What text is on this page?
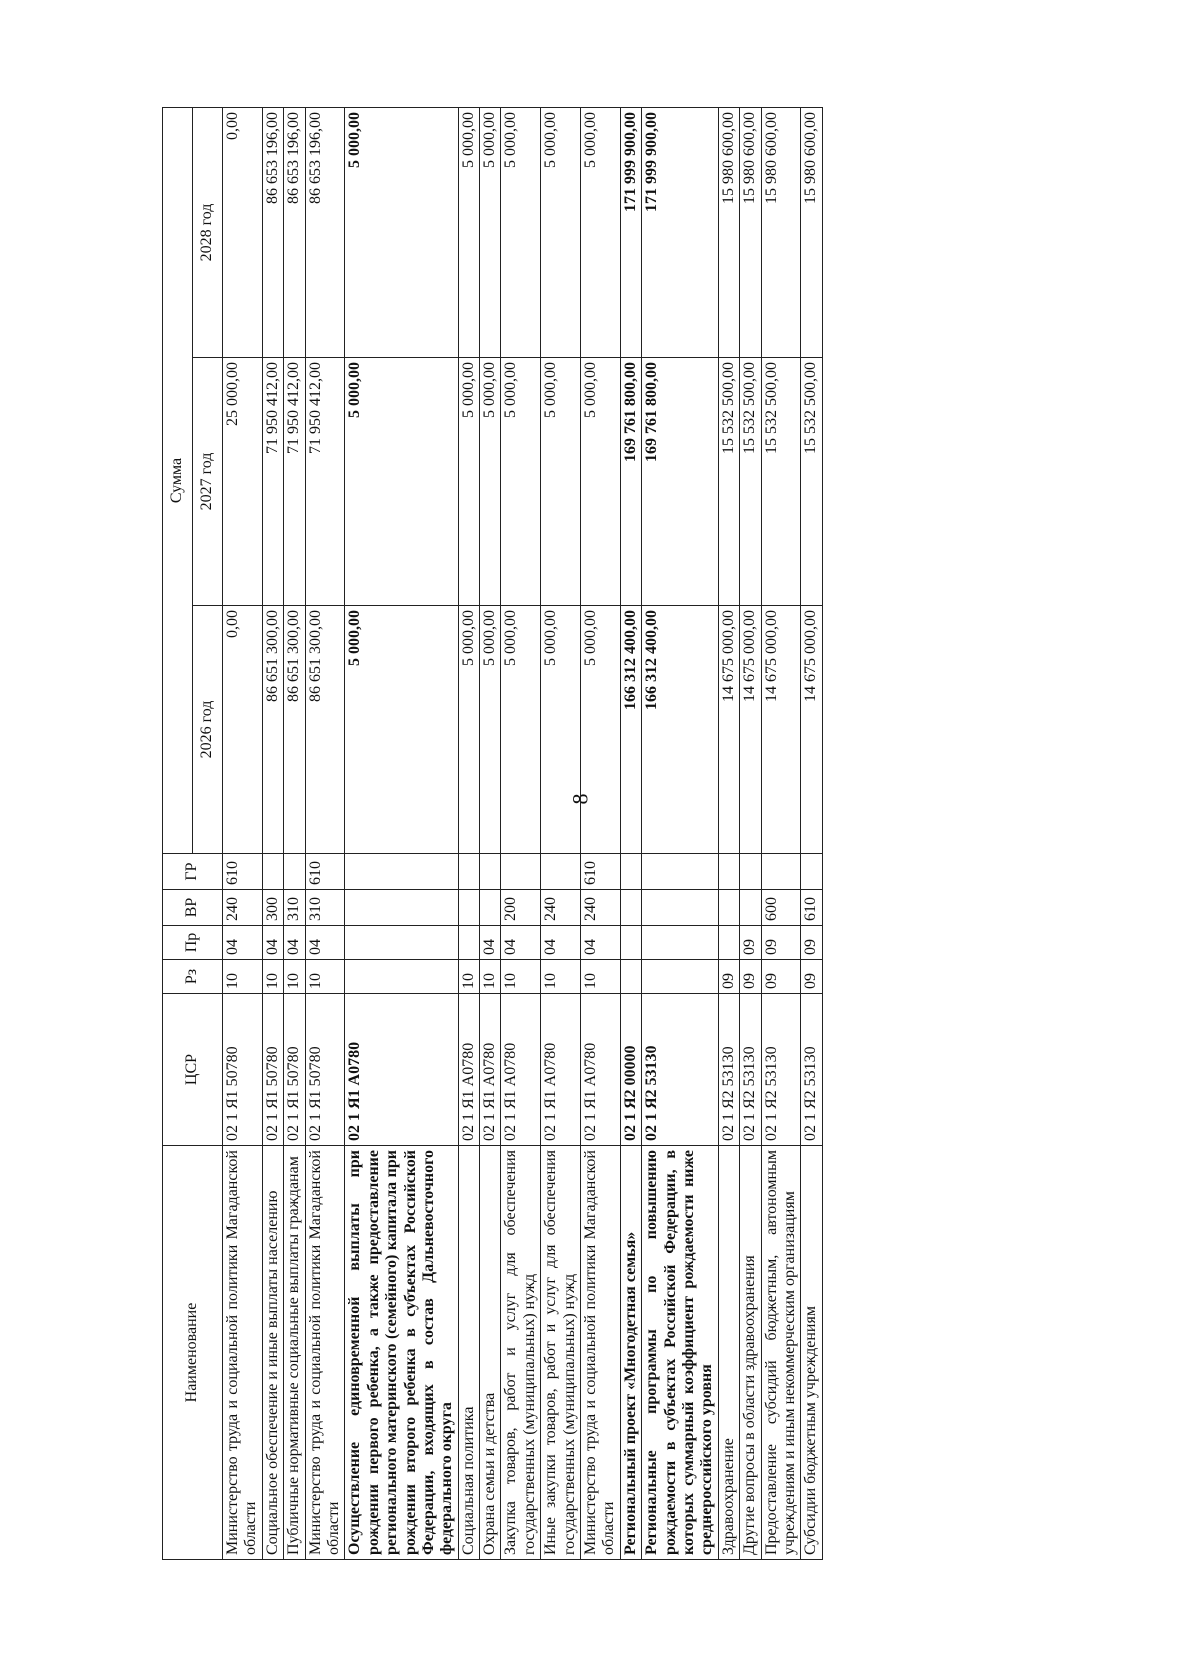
8
Наименование	ЦСР	Рз	Пр	ВР	ГР	Сумма		
						2026 год	2027 год	2028 год
Министерство труда и социальной политики Магаданской области	02 1 Я1 50780	10	04	240	610	0,00	25 000,00	0,00
Социальное обеспечение и иные выплаты населению	02 1 Я1 50780	10	04	300		86 651 300,00	71 950 412,00	86 653 196,00
Публичные нормативные социальные выплаты гражданам	02 1 Я1 50780	10	04	310		86 651 300,00	71 950 412,00	86 653 196,00
Министерство труда и социальной политики Магаданской области	02 1 Я1 50780	10	04	310	610	86 651 300,00	71 950 412,00	86 653 196,00
Осуществление единовременной выплаты при рождении первого ребенка, а также предоставление регионального материнского (семейного) капитала при рождении второго ребенка в субъектах Российской Федерации, входящих в состав Дальневосточного федерального округа	02 1 Я1 А0780					5 000,00	5 000,00	5 000,00
Социальная политика	02 1 Я1 А0780	10				5 000,00	5 000,00	5 000,00
Охрана семьи и детства	02 1 Я1 А0780	10	04			5 000,00	5 000,00	5 000,00
Закупка товаров, работ и услуг для обеспечения государственных (муниципальных) нужд	02 1 Я1 А0780	10	04	200		5 000,00	5 000,00	5 000,00
Иные закупки товаров, работ и услуг для обеспечения государственных (муниципальных) нужд	02 1 Я1 А0780	10	04	240		5 000,00	5 000,00	5 000,00
Министерство труда и социальной политики Магаданской области	02 1 Я1 А0780	10	04	240	610	5 000,00	5 000,00	5 000,00
Региональный проект «Многодетная семья»	02 1 Я2 00000					166 312 400,00	169 761 800,00	171 999 900,00
Региональные программы по повышению рождаемости в субъектах Российской Федерации, в которых суммарный коэффициент рождаемости ниже среднероссийского уровня	02 1 Я2 53130					166 312 400,00	169 761 800,00	171 999 900,00
Здравоохранение	02 1 Я2 53130	09				14 675 000,00	15 532 500,00	15 980 600,00
Другие вопросы в области здравоохранения	02 1 Я2 53130	09	09			14 675 000,00	15 532 500,00	15 980 600,00
Предоставление субсидий бюджетным, автономным учреждениям и иным некоммерческим организациям	02 1 Я2 53130	09	09	600		14 675 000,00	15 532 500,00	15 980 600,00
Субсидии бюджетным учреждениям	02 1 Я2 53130	09	09	610		14 675 000,00	15 532 500,00	15 980 600,00
